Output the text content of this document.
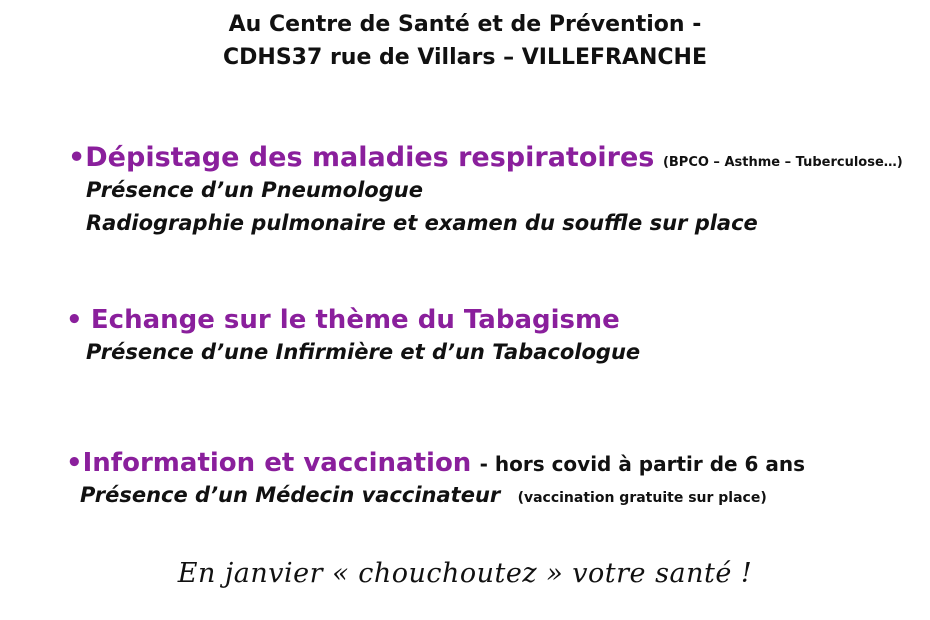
Au Centre de Santé et de Prévention -
CDHS37 rue de Villars – VILLEFRANCHE
•Dépistage des maladies respiratoires (BPCO – Asthme – Tuberculose…)
Présence d’un Pneumologue
Radiographie pulmonaire et examen du souffle sur place
• Echange sur le thème du Tabagisme
Présence d’une Infirmière et d’un Tabacologue
•Information et vaccination - hors covid à partir de 6 ans
Présence d’un Médecin vaccinateur (vaccination gratuite sur place)
En janvier « chouchoutez » votre santé !
